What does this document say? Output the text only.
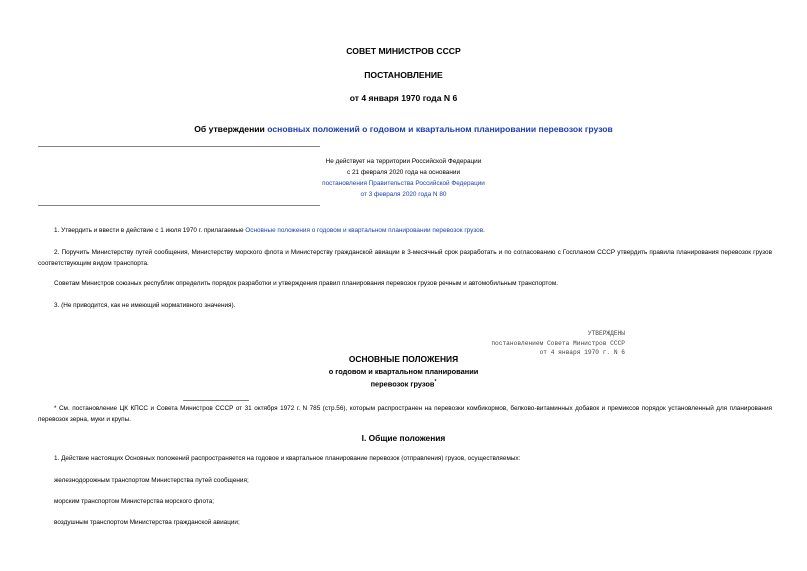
СОВЕТ МИНИСТРОВ СССР
ПОСТАНОВЛЕНИЕ
от 4 января 1970 года N 6
Об утверждении основных положений о годовом и квартальном планировании перевозок грузов
Не действует на территории Российской Федерации
с 21 февраля 2020 года на основании
постановления Правительства Российской Федерации
от 3 февраля 2020 года N 80
1. Утвердить и ввести в действие с 1 июля 1970 г. прилагаемые Основные положения о годовом и квартальном планировании перевозок грузов.
2. Поручить Министерству путей сообщения, Министерству морского флота и Министерству гражданской авиации в 3-месячный срок разработать и по согласованию с Госпланом СССР утвердить правила планирования перевозок грузов соответствующим видом транспорта.
Советам Министров союзных республик определить порядок разработки и утверждения правил планирования перевозок грузов речным и автомобильным транспортом.
3. (Не приводится, как не имеющий нормативного значения).
УТВЕРЖДЕНЫ
постановлением Совета Министров СССР
от 4 января 1970 г. N 6
ОСНОВНЫЕ ПОЛОЖЕНИЯ
о годовом и квартальном планировании
перевозок грузов*
* См. постановление ЦК КПСС и Совета Министров СССР от 31 октября 1972 г. N 785 (стр.56), которым распространен на перевозки комбикормов, белково-витаминных добавок и премиксов порядок установленный для планирования перевозок зерна, муки и крупы.
I. Общие положения
1. Действие настоящих Основных положений распространяется на годовое и квартальное планирование перевозок (отправления) грузов, осуществляемых:
железнодорожным транспортом Министерства путей сообщения;
морским транспортом Министерства морского флота;
воздушным транспортом Министерства гражданской авиации;
